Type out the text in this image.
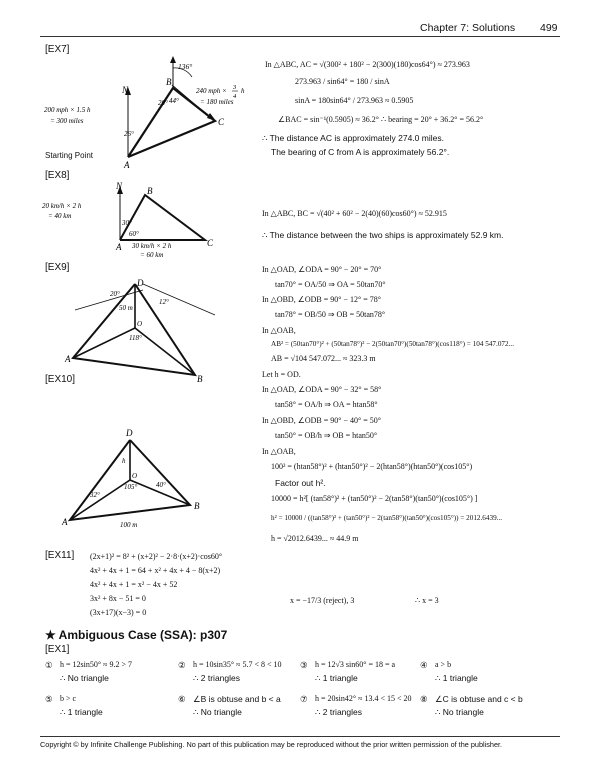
Chapter 7: Solutions 499
[EX7]
N
B
C
A
136°
20° 44°
26°
200 mph × 1.5 h
= 300 miles
240 mph × 3
4
h
= 180 miles
Starting Point
In △ABC, AC = √(300² + 180² − 2(300)(180)cos64°) ≈ 273.963
273.963 / sin64° = 180 / sinA
sinA = 180sin64° / 273.963 ≈ 0.5905
∠BAC = sin⁻¹(0.5905) ≈ 36.2° ∴ bearing = 20° + 36.2° = 56.2°
∴ The distance AC is approximately 274.0 miles.
The bearing of C from A is approximately 56.2°.
[EX8]
N	B
C
A
30°
60°
20 km/h × 2 h
= 40 km
30 km/h × 2 h
= 60 km
In △ABC, BC = √(40² + 60² − 2(40)(60)cos60°) ≈ 52.915
∴ The distance between the two ships is approximately 52.9 km.
[EX9]
D
O
A
B
20°
12°
118°
50 m
In △OAD, ∠ODA = 90° − 20° = 70°
tan70° = OA/50 ⇒ OA = 50tan70°
In △OBD, ∠ODB = 90° − 12° = 78°
tan78° = OB/50 ⇒ OB = 50tan78°
In △OAB,
AB² = (50tan70°)² + (50tan78°)² − 2(50tan70°)(50tan78°)(cos118°) = 104 547.072...
AB = √104 547.072... ≈ 323.3 m
[EX10]
D
O
h
A
B
32°
40°
105°
100 m
Let h = OD.
In △OAD, ∠ODA = 90° − 32° = 58°
tan58° = OA/h ⇒ OA = htan58°
In △OBD, ∠ODB = 90° − 40° = 50°
tan50° = OB/h ⇒ OB = htan50°
In △OAB,
100² = (htan58°)² + (htan50°)² − 2(htan58°)(htan50°)(cos105°)
Factor out h².
10000 = h²[ (tan58°)² + (tan50°)² − 2(tan58°)(tan50°)(cos105°) ]
h² = 10000 / ((tan58°)² + (tan50°)² − 2(tan58°)(tan50°)(cos105°)) = 2012.6439...
h = √2012.6439... ≈ 44.9 m
[EX11] (2x+1)² = 8² + (x+2)² − 2·8·(x+2)·cos60°
4x² + 4x + 1 = 64 + x² + 4x + 4 − 8(x+2)
4x² + 4x + 1 = x² − 4x + 52
3x² + 8x − 51 = 0
(3x+17)(x−3) = 0
x = −17/3 (reject), 3	∴ x = 3
★ Ambiguous Case (SSA): p307
[EX1]
① h = 12sin50° ≈ 9.2 > 7
∴ No triangle
② h = 10sin35° ≈ 5.7 < 8 < 10
∴ 2 triangles
③ h = 12√3 sin60° = 18 = a
∴ 1 triangle
④ a > b
∴ 1 triangle
⑤ b > c
∴ 1 triangle
⑥ ∠B is obtuse and b < a
∴ No triangle
⑦ h = 20sin42° ≈ 13.4 < 15 < 20
∴ 2 triangles
⑧ ∠C is obtuse and c < b
∴ No triangle
Copyright © by Infinite Challenge Publishing. No part of this publication may be reproduced without the prior written permission of the publisher.
